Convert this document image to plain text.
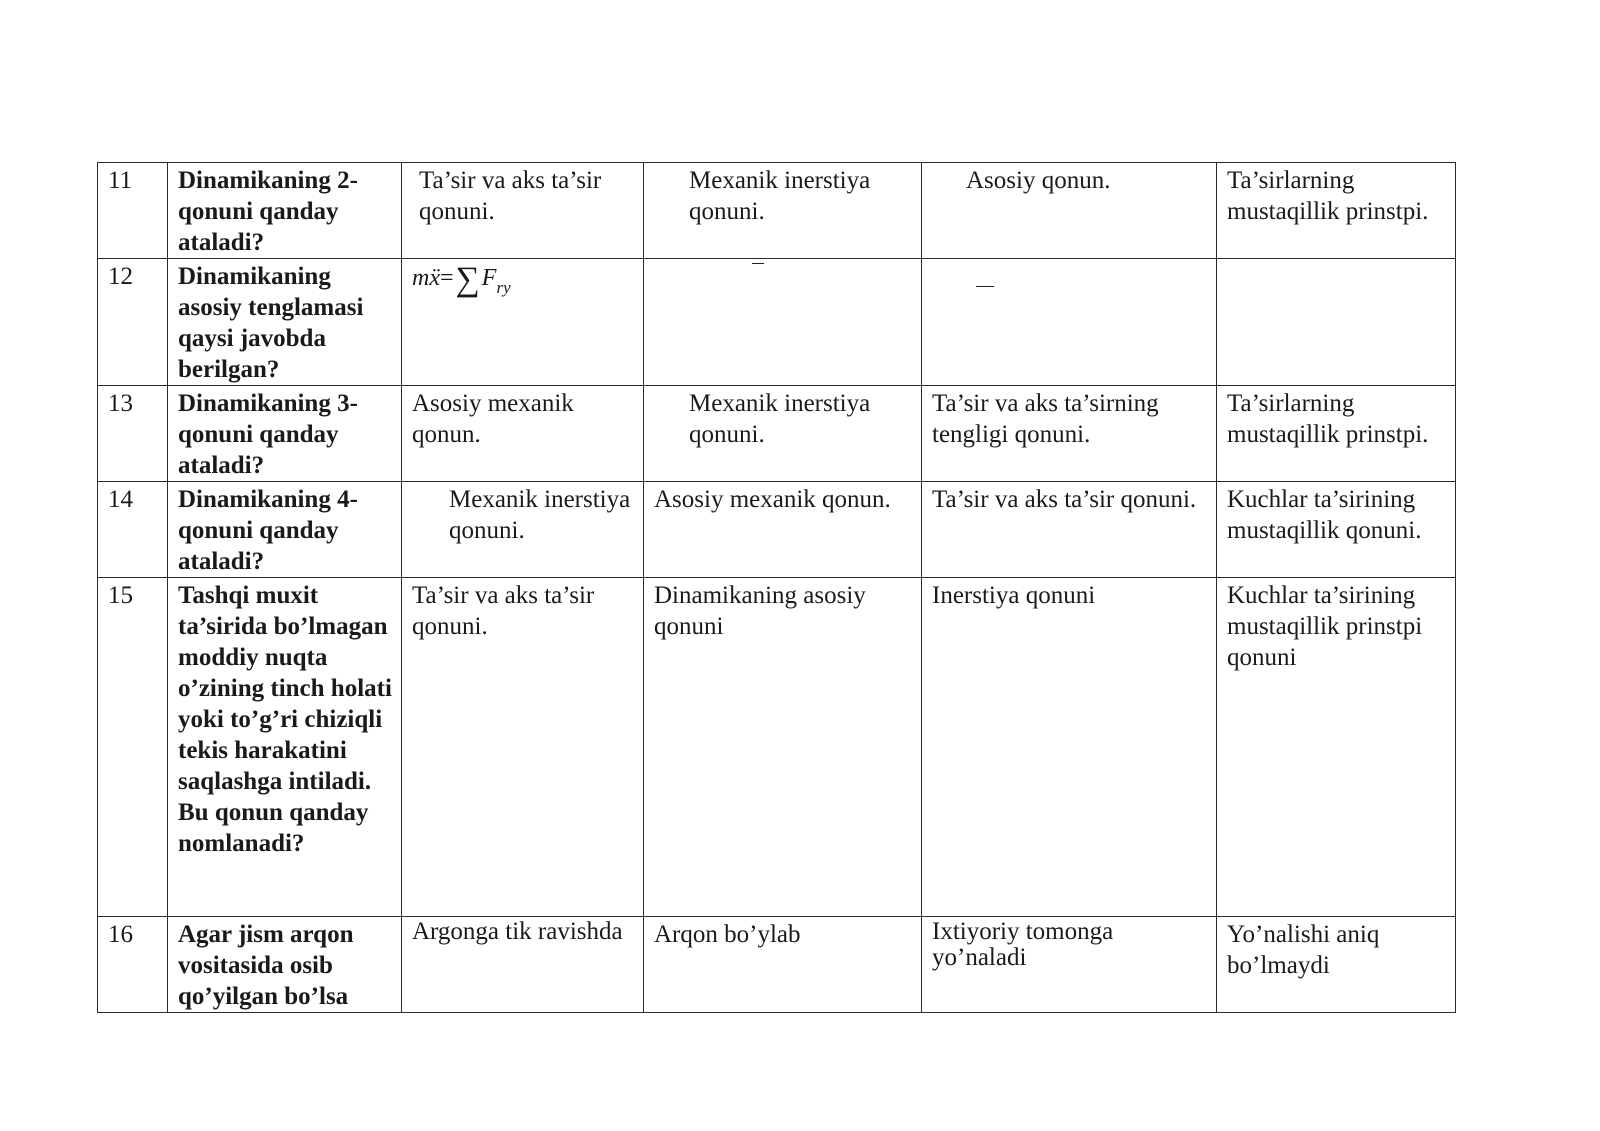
11	Dinamikaning 2-qonuni qanday ataladi?	Ta’sir va aks ta’sir qonuni.	Mexanik inerstiya qonuni.	Asosiy qonun.	Ta’sirlarning mustaqillik prinstpi.
12	Dinamikaning asosiy tenglamasi qaysi javobda berilgan?	$mẍ=\sum F_{ry}$			
13	Dinamikaning 3-qonuni qanday ataladi?	Asosiy mexanik qonun.	Mexanik inerstiya qonuni.	Ta’sir va aks ta’sirning tengligi qonuni.	Ta’sirlarning mustaqillik prinstpi.
14	Dinamikaning 4-qonuni qanday ataladi?	Mexanik inerstiya qonuni.	Asosiy mexanik qonun.	Ta’sir va aks ta’sir qonuni.	Kuchlar ta’sirining mustaqillik qonuni.
15	Tashqi muxit ta’sirida bo’lmagan moddiy nuqta o’zining tinch holati yoki to’g’ri chiziqli tekis harakatini saqlashga intiladi. Bu qonun qanday nomlanadi?	Ta’sir va aks ta’sir qonuni.	Dinamikaning asosiy qonuni	Inerstiya qonuni	Kuchlar ta’sirining mustaqillik prinstpi qonuni
16	Agar jism arqon vositasida osib qo’yilgan bo’lsa	Argonga tik ravishda	Arqon bo’ylab	Ixtiyoriy tomonga yo’naladi	Yo’nalishi aniq bo’lmaydi
